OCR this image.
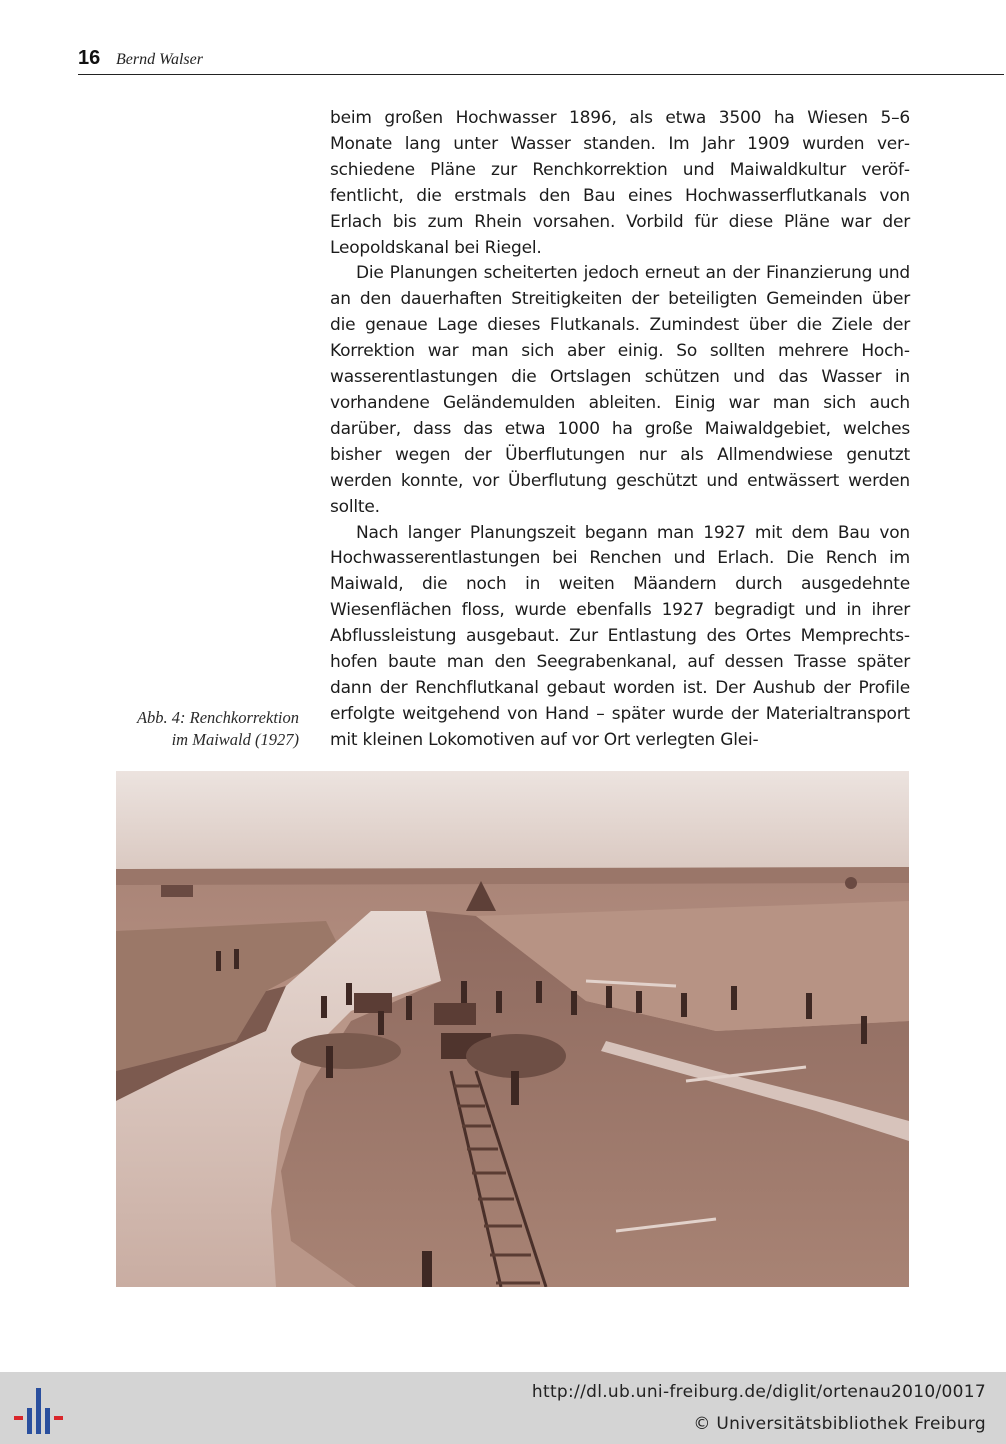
16 Bernd Walser

beim großen Hochwasser 1896, als etwa 3500 ha Wiesen 5–6 Monate lang unter Wasser standen. Im Jahr 1909 wurden verschiedene Pläne zur Renchkorrektion und Maiwaldkultur veröffentlicht, die erstmals den Bau eines Hochwasserflutkanals von Erlach bis zum Rhein vorsahen. Vorbild für diese Pläne war der Leopoldskanal bei Riegel.

Die Planungen scheiterten jedoch erneut an der Finanzierung und an den dauerhaften Streitigkeiten der beteiligten Gemeinden über die genaue Lage dieses Flutkanals. Zumindest über die Ziele der Korrektion war man sich aber einig. So sollten mehrere Hochwasserentlastungen die Ortslagen schützen und das Wasser in vorhandene Geländemulden ableiten. Einig war man sich auch darüber, dass das etwa 1000 ha große Maiwaldgebiet, welches bisher wegen der Überflutungen nur als Allmendwiese genutzt werden konnte, vor Überflutung geschützt und entwässert werden sollte.

Nach langer Planungszeit begann man 1927 mit dem Bau von Hochwasserentlastungen bei Renchen und Erlach. Die Rench im Maiwald, die noch in weiten Mäandern durch ausgedehnte Wiesenflächen floss, wurde ebenfalls 1927 begradigt und in ihrer Abflussleistung ausgebaut. Zur Entlastung des Ortes Memprechtshofen baute man den Seegrabenkanal, auf dessen Trasse später dann der Renchflutkanal gebaut worden ist. Der Aushub der Profile erfolgte weitgehend von Hand – später wurde der Materialtransport mit kleinen Lokomotiven auf vor Ort verlegten Glei-

Abb. 4: Renchkorrektion
im Maiwald (1927)
http://dl.ub.uni-freiburg.de/diglit/ortenau2010/0017
© Universitätsbibliothek Freiburg
